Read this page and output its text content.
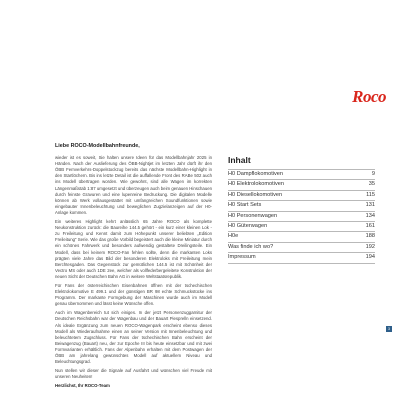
Roco
Liebe ROCO-Modellbahnfreunde,

wieder ist es soweit, Sie halten unsere Ideen für das Modellbahnjahr 2025 in Händen. Nach der Auslieferung des ÖBB-Nightjet im letzten Jahr dürft ihr den ÖBB Fernverkehrs-Doppelstockzug bereits das nächste Modellbahn-Highlight in den Startlöchern. Bis ins letzte Detail ist die auffallende Front des RABe 502 auch ins Modell übertragen worden. Wie gewohnt, sind alle Wagen im korrekten Längenmaßstab 1:87 umgesetzt und überzeugen auch beim genauen Hinschauen durch feinste Gravuren und eine lupenreine Bedruckung. Die digitalen Modelle können ab Werk vollausgestattet mit umfangreichen Soundfunktionen sowie eingebauter Innenbeleuchtung und beweglichen Zugzielanzeigen auf der H0-Anlage kommen.

Ein weiteres Highlight kehrt anlässlich 65 Jahre ROCO als komplette Neukonstruktion zurück: die Baureihe 144.5 gehört - ein kurz einer kleinen Lok - zu Freileitung und Kennt damit zum Höhepunkt unserer beliebten „Edition Freileitung“ Serie. Wie das große Vorbild begeistert auch die kleine Miniatur durch ein schönes Fahrwerk und besonders aufwendig gestaltete Dreilingsteile. Ein Modell, dass bei keinem ROCO-Fan fehlen sollte, denn die markanten Loks prägten viele Jahre das Bild der besonderen Elektroloks mit Freileitung mein Berchtesgaden. Das Gegenstück zur gemütlichen 144.5 ist mit Schönheit der Vectro MS oder auch 1DE 2ee, welcher als vollfederbergeleitete Konstruktion der neuen Sicht der Deutschen Bahn AG in weitere Weltstaatsrepublik.

Für Fans der österreichischen Eisenbahnen öffnen mit der tschechischen Elektrolokomotive E 499.1 und der günstigen BR 98 echte Schmuckstücke ins Programm. Der markante Formgebung der Maschinen wurde auch im Modell genau übernommen und lässt keine Wünsche offen.

Auch im Wagenbereich tut sich einiges. In der jetzt Personenzuggarnitur der Deutschen Reichsbahn war der Wagenbau und der Bauart Piesprelln einsetzend. Als ideale Ergänzung zum neuen ROCO-Wagenpark erscheint ebenso dieses Modell als Wiederaufnahme einen an seiner Version mit Innenbeleuchtung und beleuchtetem Zugschluss. Für Fans der tschechischen Bahn erscheint der Beiwagenzug (Bauart) neu, der zur Epoche III bis heute einsetzbar und mit zwei Formvarianten erhältlich. Fans der Alpenbahn erhalten mit dem Postwagen der ÖBB am jahrelang gewünschtes Modell auf aktuellem Niveau und Beleuchtungsgrad.

Nun stellen wir dieser die Signale auf Ausfahrt und wünschen viel Freude mit unseren Neuheiten!

Herzlichst, Ihr ROCO-Team
Inhalt
H0 Dampflokomotiven	9
H0 Elektrolokomotiven	35
H0 Diesellokomotiven	115
H0 Start Sets	131
H0 Personenwagen	134
H0 Güterwagen	161
H0e	188
Was finde ich wo?	192
Impressum	194
3
